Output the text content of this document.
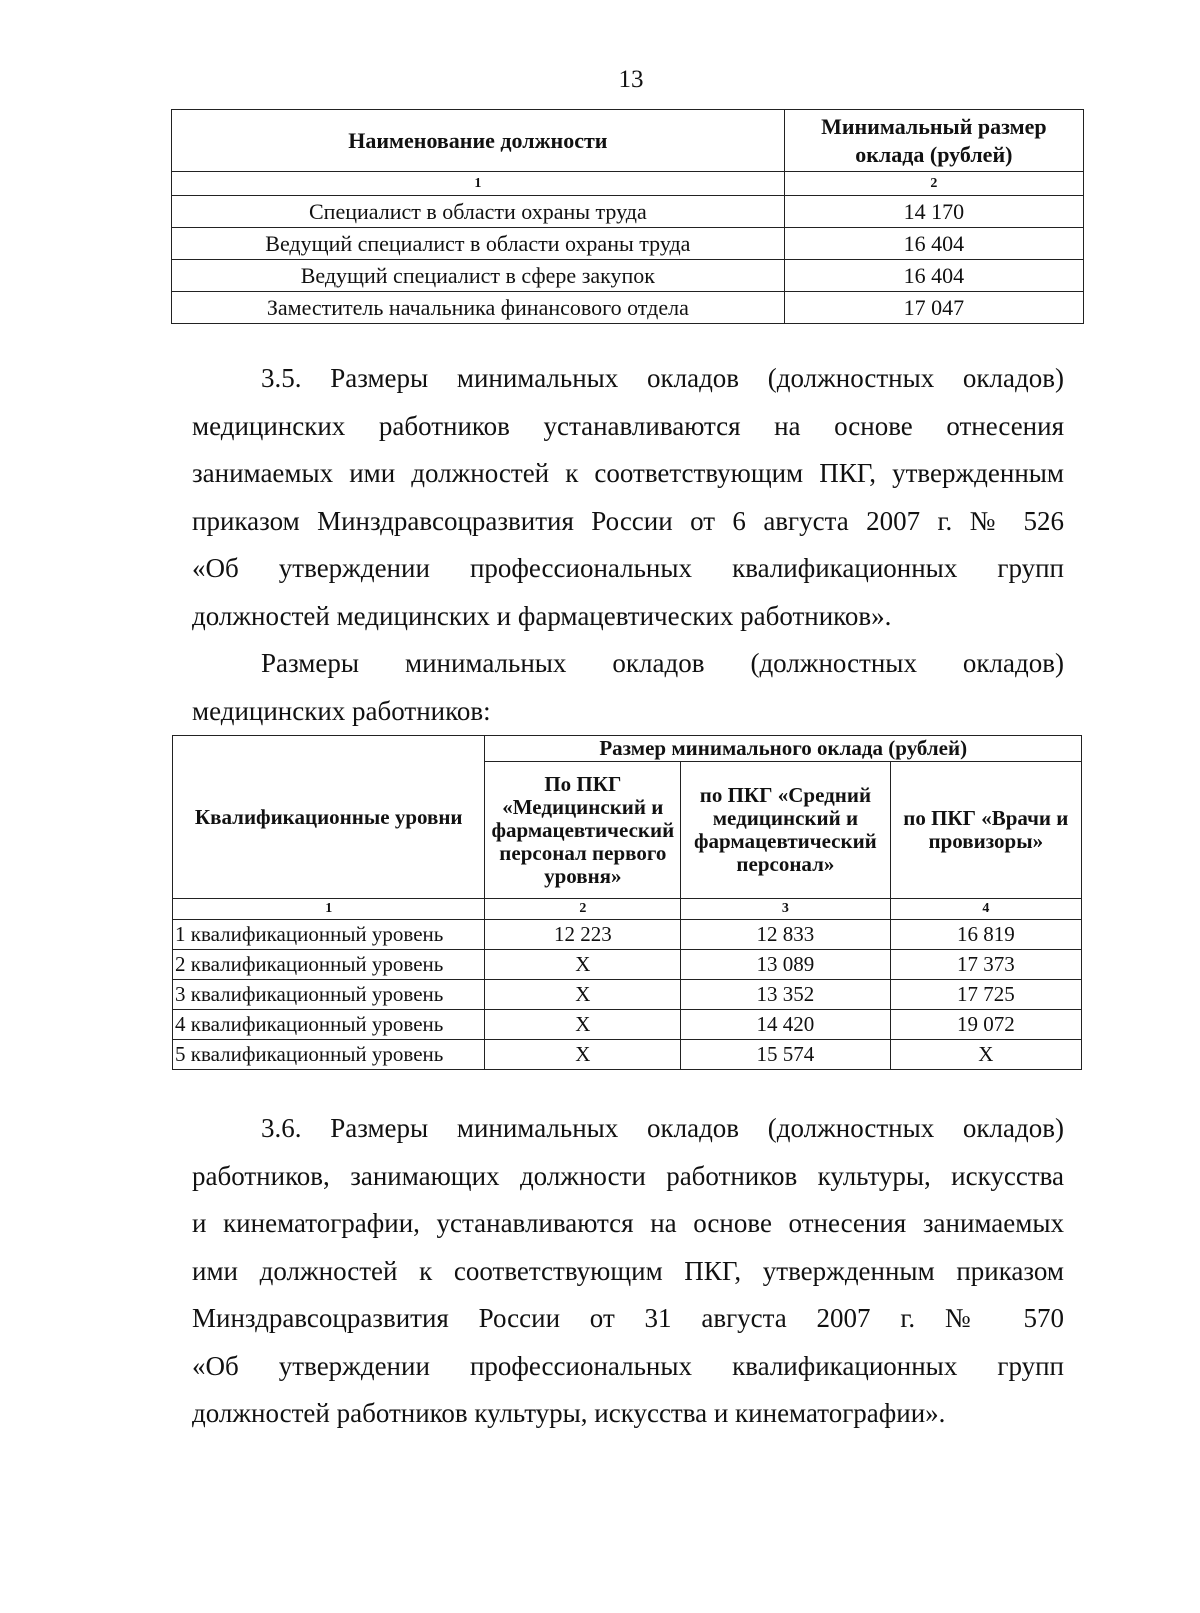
13
Наименование должности	Минимальный размер оклада (рублей)
1	2
Специалист в области охраны труда	14 170
Ведущий специалист в области охраны труда	16 404
Ведущий специалист в сфере закупок	16 404
Заместитель начальника финансового отдела	17 047
3.5. Размеры минимальных окладов (должностных окладов)
медицинских работников устанавливаются на основе отнесения
занимаемых ими должностей к соответствующим ПКГ, утвержденным
приказом Минздравсоцразвития России от 6 августа 2007 г. № 526
«Об утверждении профессиональных квалификационных групп
должностей медицинских и фармацевтических работников».
Размеры минимальных окладов (должностных окладов)
медицинских работников:
Квалификационные уровни	Размер минимального оклада (рублей)		
	По ПКГ «Медицинский и фармацевтический персонал первого уровня»	по ПКГ «Средний медицинский и фармацевтический персонал»	по ПКГ «Врачи и провизоры»
1	2	3	4
1 квалификационный уровень	12 223	12 833	16 819
2 квалификационный уровень	X	13 089	17 373
3 квалификационный уровень	X	13 352	17 725
4 квалификационный уровень	X	14 420	19 072
5 квалификационный уровень	X	15 574	X
3.6. Размеры минимальных окладов (должностных окладов)
работников, занимающих должности работников культуры, искусства
и кинематографии, устанавливаются на основе отнесения занимаемых
ими должностей к соответствующим ПКГ, утвержденным приказом
Минздравсоцразвития России от 31 августа 2007 г. № 570
«Об утверждении профессиональных квалификационных групп
должностей работников культуры, искусства и кинематографии».
